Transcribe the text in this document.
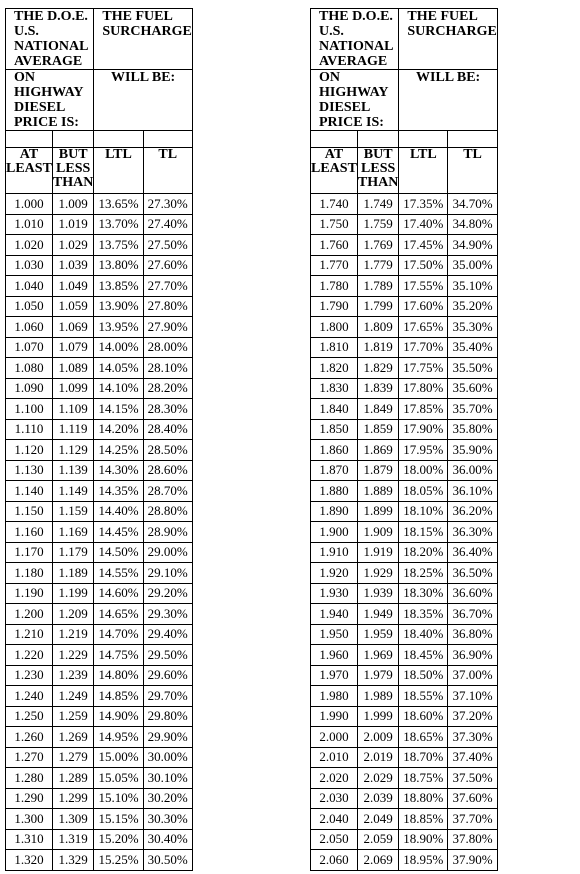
THE D.O.E. U.S. NATIONAL AVERAGE		THE FUEL SURCHARGE	
ON HIGHWAY DIESEL PRICE IS:		WILL BE:	

AT LEAST	BUT LESS THAN	LTL	TL
1.000	1.009	13.65%	27.30%
1.010	1.019	13.70%	27.40%
1.020	1.029	13.75%	27.50%
1.030	1.039	13.80%	27.60%
1.040	1.049	13.85%	27.70%
1.050	1.059	13.90%	27.80%
1.060	1.069	13.95%	27.90%
1.070	1.079	14.00%	28.00%
1.080	1.089	14.05%	28.10%
1.090	1.099	14.10%	28.20%
1.100	1.109	14.15%	28.30%
1.110	1.119	14.20%	28.40%
1.120	1.129	14.25%	28.50%
1.130	1.139	14.30%	28.60%
1.140	1.149	14.35%	28.70%
1.150	1.159	14.40%	28.80%
1.160	1.169	14.45%	28.90%
1.170	1.179	14.50%	29.00%
1.180	1.189	14.55%	29.10%
1.190	1.199	14.60%	29.20%
1.200	1.209	14.65%	29.30%
1.210	1.219	14.70%	29.40%
1.220	1.229	14.75%	29.50%
1.230	1.239	14.80%	29.60%
1.240	1.249	14.85%	29.70%
1.250	1.259	14.90%	29.80%
1.260	1.269	14.95%	29.90%
1.270	1.279	15.00%	30.00%
1.280	1.289	15.05%	30.10%
1.290	1.299	15.10%	30.20%
1.300	1.309	15.15%	30.30%
1.310	1.319	15.20%	30.40%
1.320	1.329	15.25%	30.50%
THE D.O.E. U.S. NATIONAL AVERAGE		THE FUEL SURCHARGE	
ON HIGHWAY DIESEL PRICE IS:		WILL BE:	

AT LEAST	BUT LESS THAN	LTL	TL
1.740	1.749	17.35%	34.70%
1.750	1.759	17.40%	34.80%
1.760	1.769	17.45%	34.90%
1.770	1.779	17.50%	35.00%
1.780	1.789	17.55%	35.10%
1.790	1.799	17.60%	35.20%
1.800	1.809	17.65%	35.30%
1.810	1.819	17.70%	35.40%
1.820	1.829	17.75%	35.50%
1.830	1.839	17.80%	35.60%
1.840	1.849	17.85%	35.70%
1.850	1.859	17.90%	35.80%
1.860	1.869	17.95%	35.90%
1.870	1.879	18.00%	36.00%
1.880	1.889	18.05%	36.10%
1.890	1.899	18.10%	36.20%
1.900	1.909	18.15%	36.30%
1.910	1.919	18.20%	36.40%
1.920	1.929	18.25%	36.50%
1.930	1.939	18.30%	36.60%
1.940	1.949	18.35%	36.70%
1.950	1.959	18.40%	36.80%
1.960	1.969	18.45%	36.90%
1.970	1.979	18.50%	37.00%
1.980	1.989	18.55%	37.10%
1.990	1.999	18.60%	37.20%
2.000	2.009	18.65%	37.30%
2.010	2.019	18.70%	37.40%
2.020	2.029	18.75%	37.50%
2.030	2.039	18.80%	37.60%
2.040	2.049	18.85%	37.70%
2.050	2.059	18.90%	37.80%
2.060	2.069	18.95%	37.90%
